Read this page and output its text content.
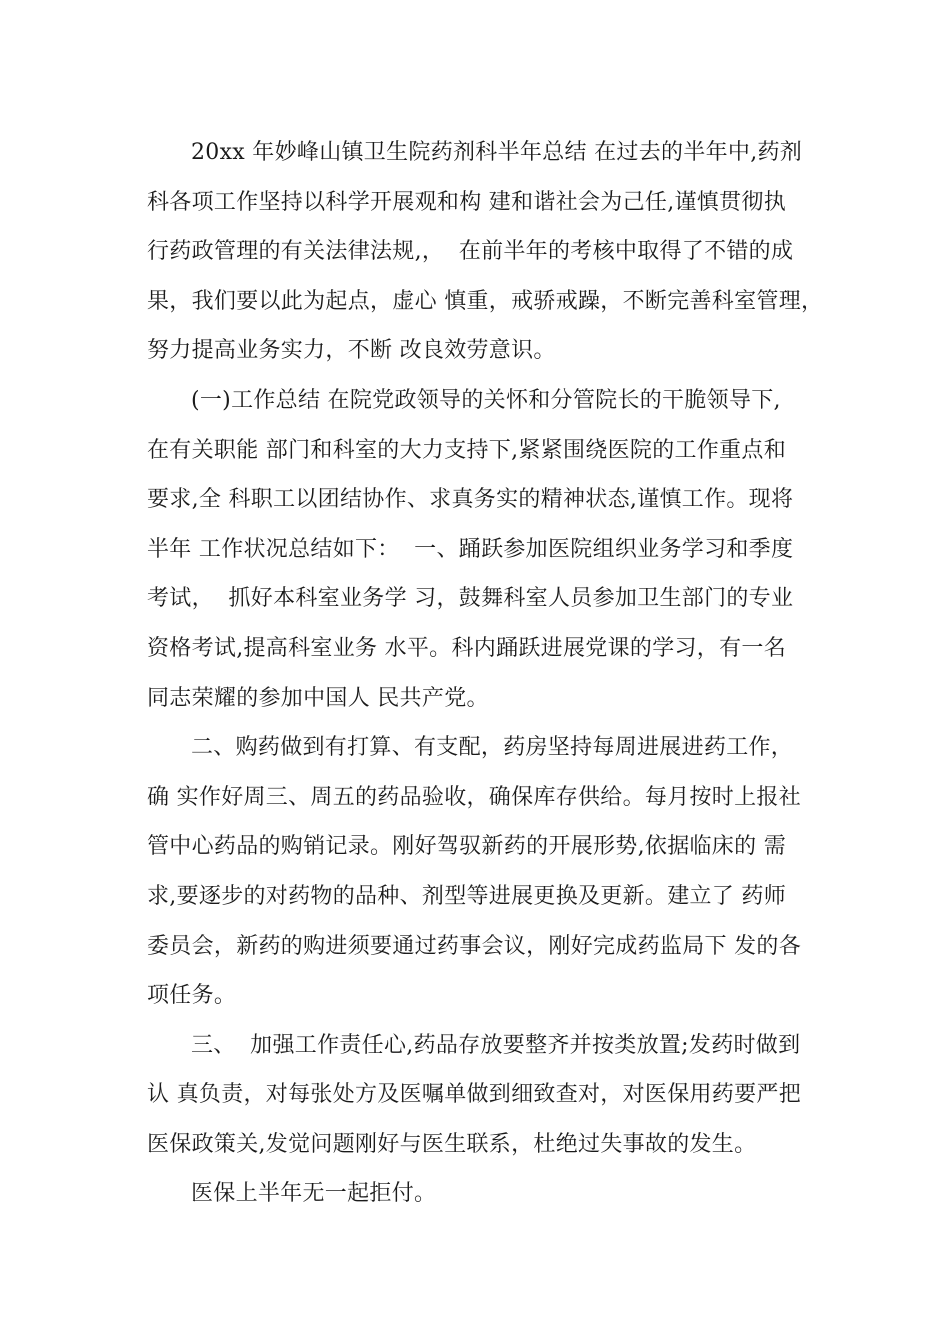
20xx 年妙峰山镇卫生院药剂科半年总结 在过去的半年中,药剂
科各项工作坚持以科学开展观和构 建和谐社会为己任,谨慎贯彻执
行药政管理的有关法律法规,，  在前半年的考核中取得了不错的成
果，我们要以此为起点，虚心 慎重，戒骄戒躁，不断完善科室管理，
努力提高业务实力，不断 改良效劳意识。
(一)工作总结 在院党政领导的关怀和分管院长的干脆领导下,
在有关职能 部门和科室的大力支持下,紧紧围绕医院的工作重点和
要求,全 科职工以团结协作、求真务实的精神状态,谨慎工作。现将
半年 工作状况总结如下：  一、踊跃参加医院组织业务学习和季度
考试，  抓好本科室业务学 习，鼓舞科室人员参加卫生部门的专业
资格考试,提高科室业务 水平。科内踊跃进展党课的学习，有一名
同志荣耀的参加中国人 民共产党。
二、购药做到有打算、有支配，药房坚持每周进展进药工作，
确 实作好周三、周五的药品验收，确保库存供给。每月按时上报社
管中心药品的购销记录。刚好驾驭新药的开展形势,依据临床的 需
求,要逐步的对药物的品种、剂型等进展更换及更新。建立了 药师
委员会，新药的购进须要通过药事会议，刚好完成药监局下 发的各
项任务。
三、  加强工作责任心,药品存放要整齐并按类放置;发药时做到
认 真负责，对每张处方及医嘱单做到细致查对，对医保用药要严把
医保政策关,发觉问题刚好与医生联系，杜绝过失事故的发生。
医保上半年无一起拒付。
